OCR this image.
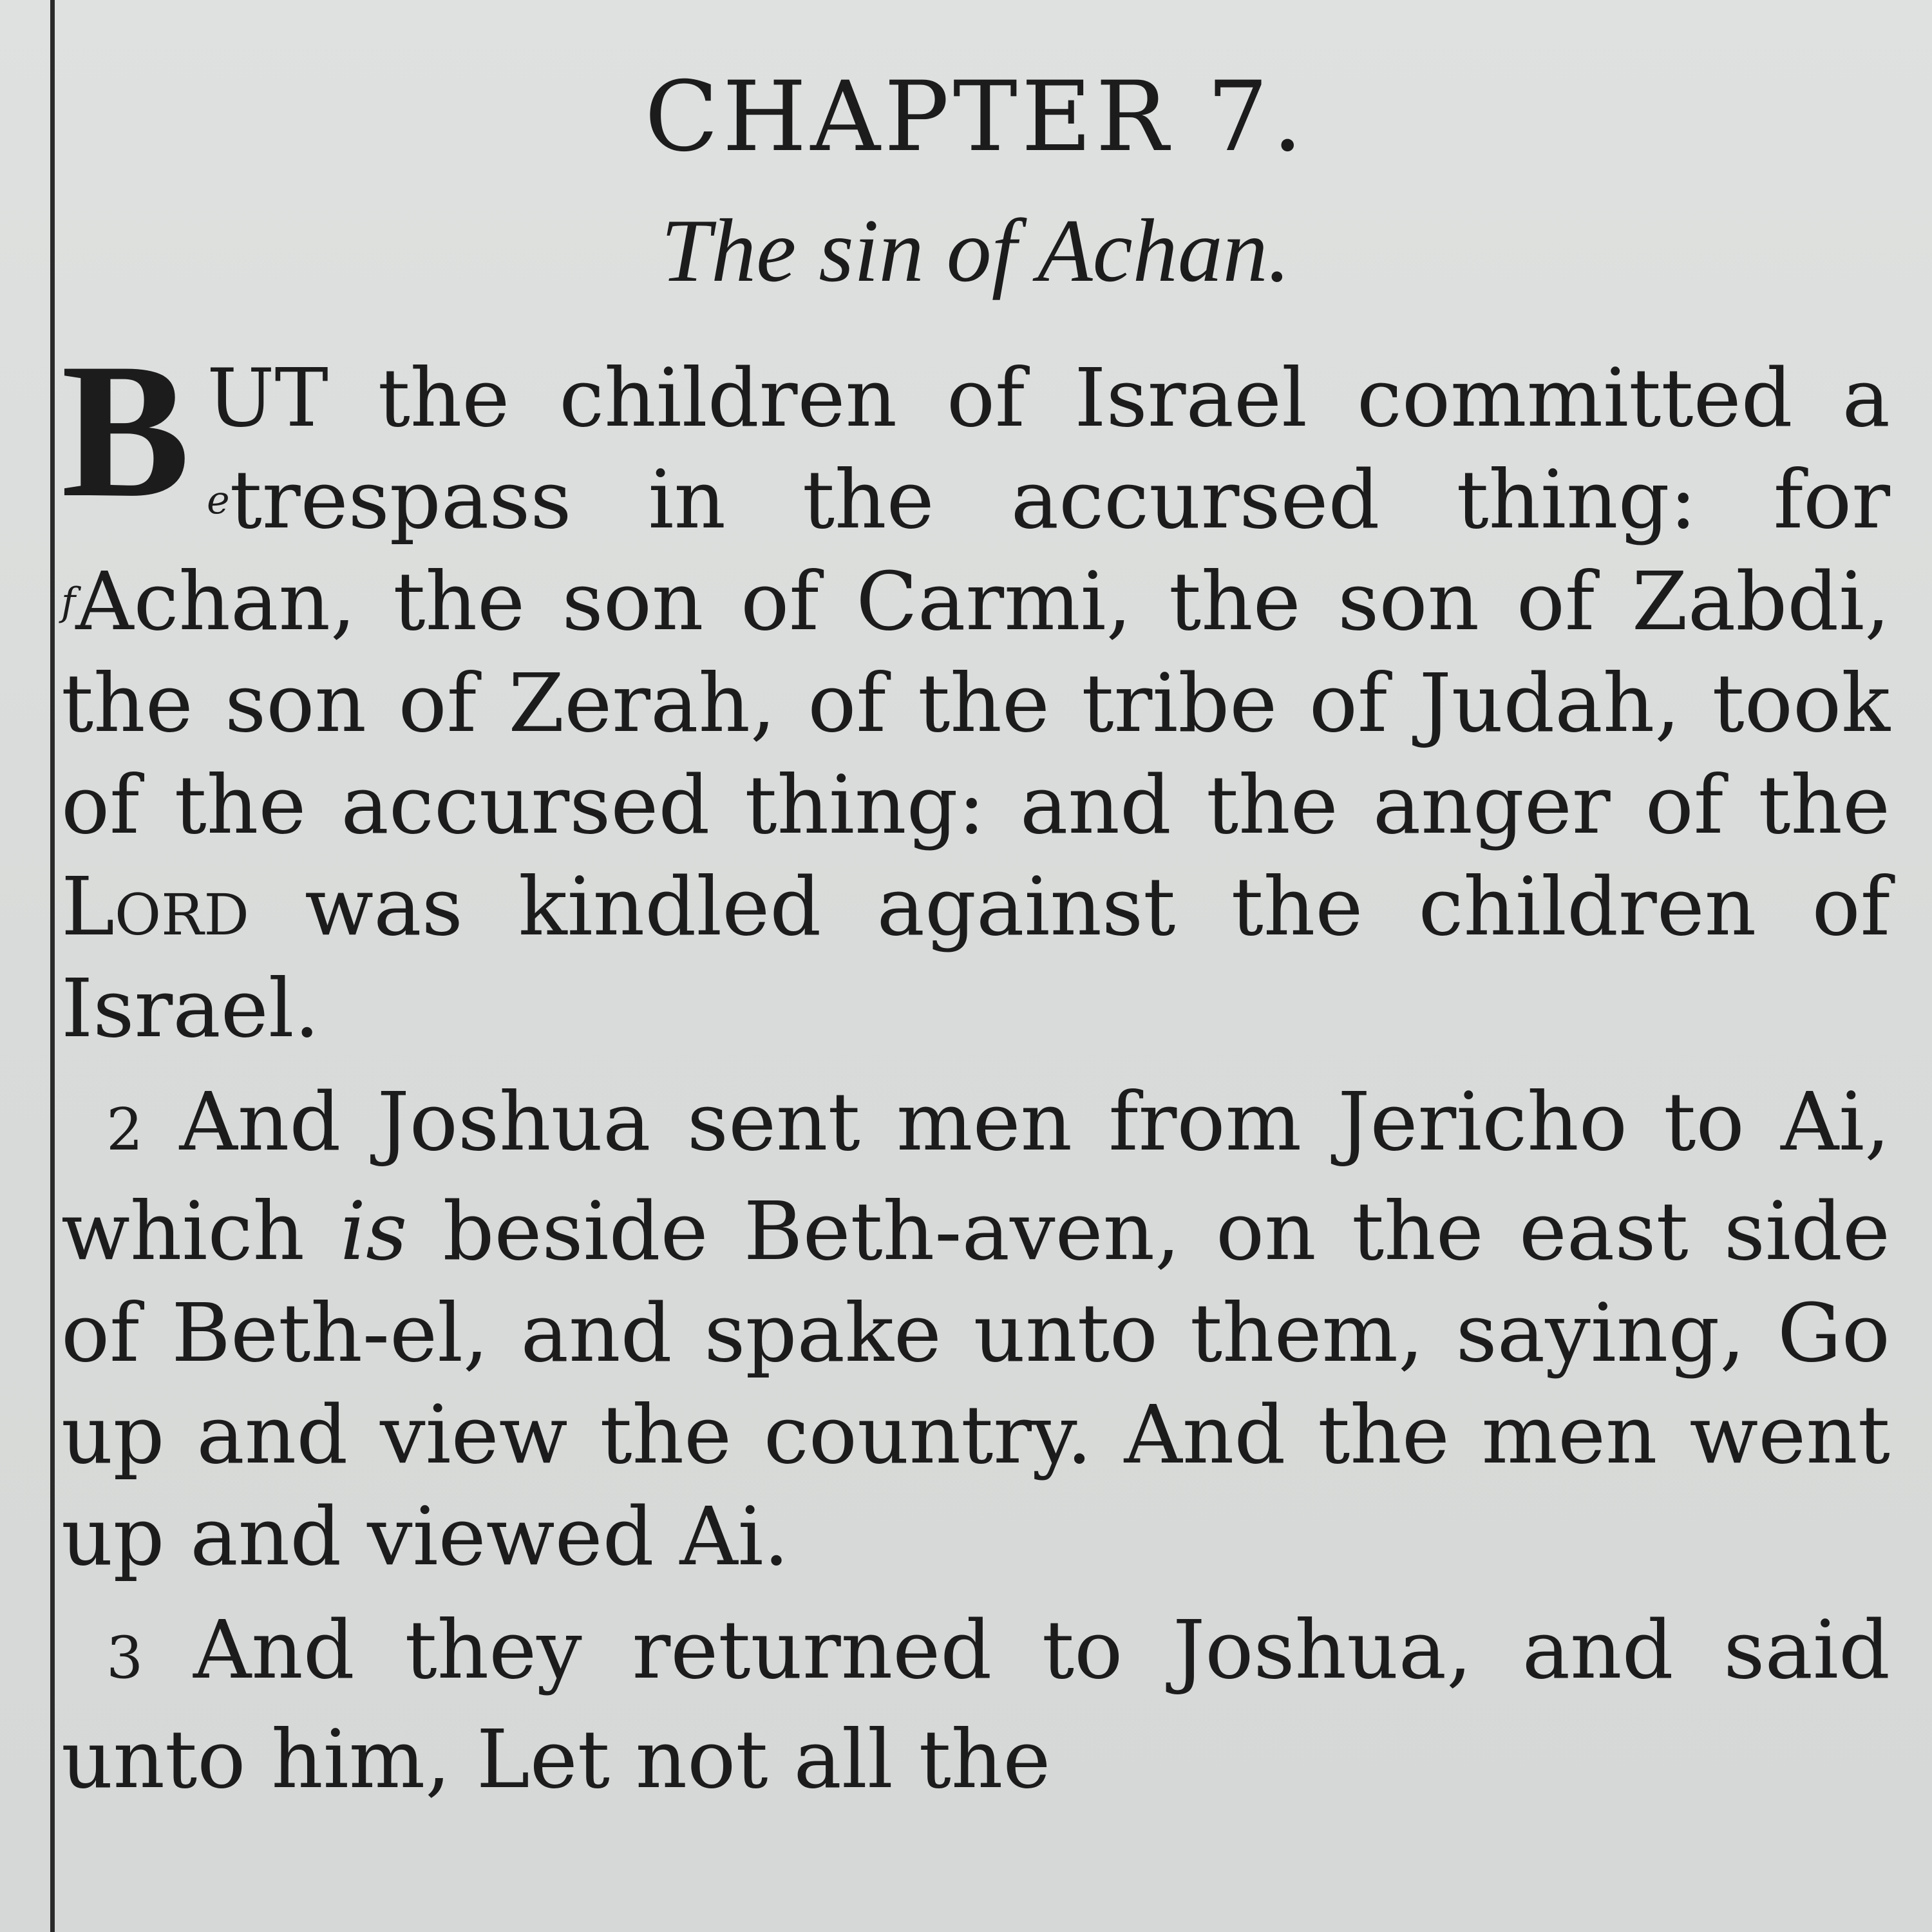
CHAPTER 7.
The sin of Achan.

BUT the children of Israel committed a $^e$trespass in the accursed thing: for $^f$Achan, the son of Carmi, the son of Zabdi, the son of Zerah, of the tribe of Judah, took of the accursed thing: and the anger of the Lord was kindled against the children of Israel.

2 And Joshua sent men from Jericho to Ai, which is beside Beth-aven, on the east side of Beth-el, and spake unto them, saying, Go up and view the country. And the men went up and viewed Ai.

3 And they returned to Joshua, and said unto him, Let not all the
